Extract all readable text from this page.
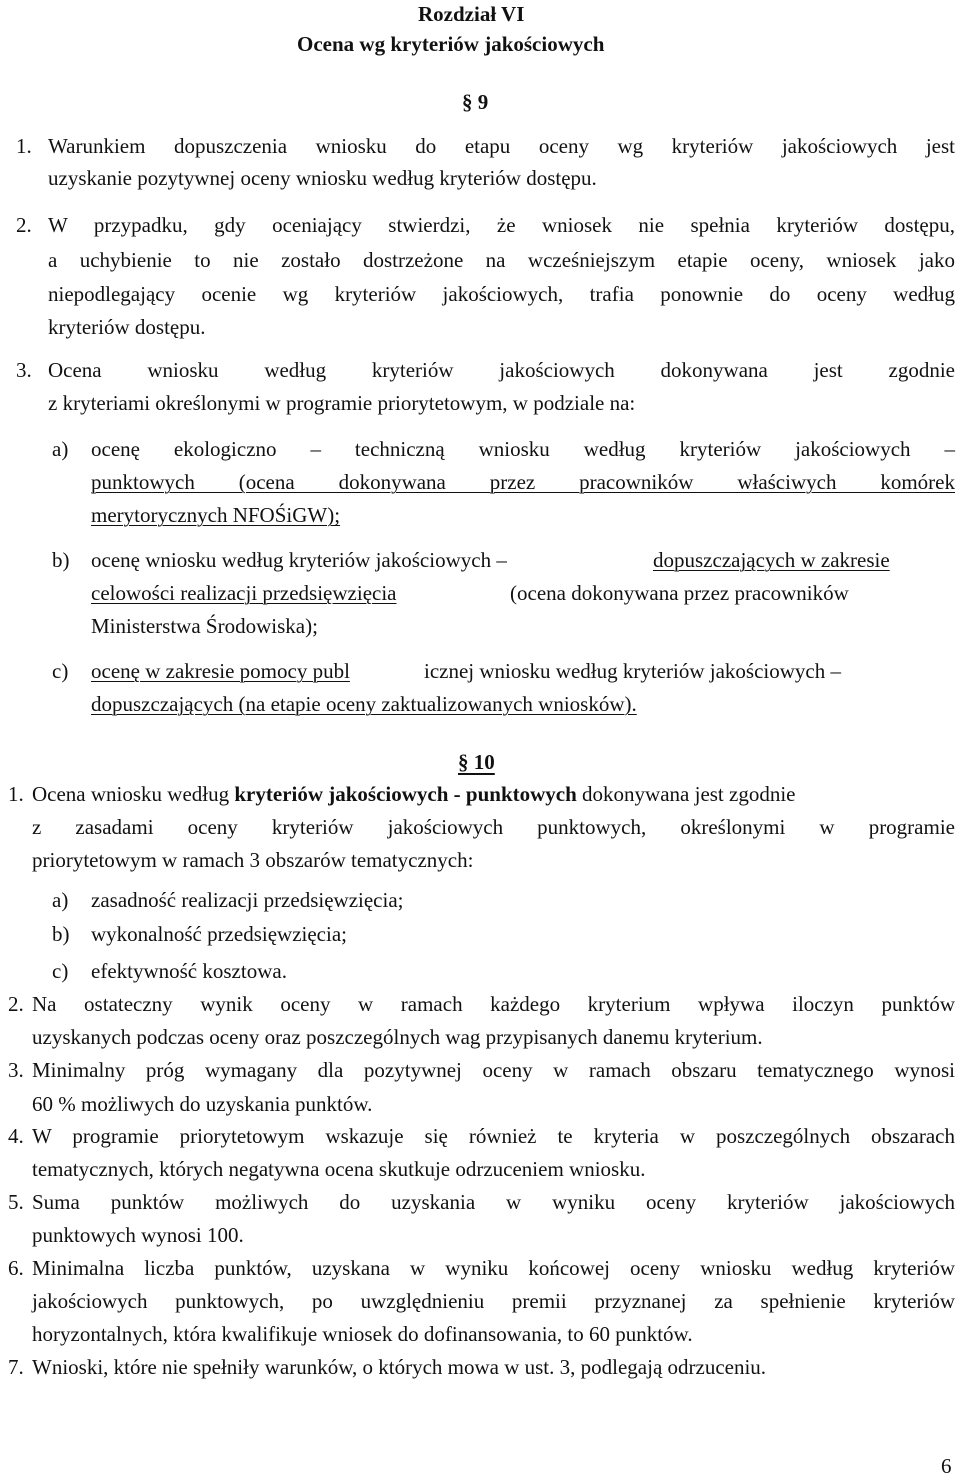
Rozdział VI
Ocena wg kryteriów jakościowych
§ 9
1. Warunkiem dopuszczenia wniosku do etapu oceny wg kryteriów jakościowych jest
uzyskanie pozytywnej oceny wniosku według kryteriów dostępu.
2. W przypadku, gdy oceniający stwierdzi, że wniosek nie spełnia kryteriów dostępu,
a uchybienie to nie zostało dostrzeżone na wcześniejszym etapie oceny, wniosek jako
niepodlegający ocenie wg kryteriów jakościowych, trafia ponownie do oceny według
kryteriów dostępu.
3. Ocena wniosku według kryteriów jakościowych dokonywana jest zgodnie
z kryteriami określonymi w programie priorytetowym, w podziale na:
a) ocenę ekologiczno – techniczną wniosku według kryteriów jakościowych –
punktowych (ocena dokonywana przez pracowników właściwych komórek
merytorycznych NFOŚiGW);
b) ocenę wniosku według kryteriów jakościowych –	dopuszczających w zakresie
celowości realizacji przedsięwzięcia	(ocena dokonywana przez pracowników
Ministerstwa Środowiska);
c) ocenę w zakresie pomocy publ	icznej wniosku według kryteriów jakościowych –
dopuszczających (na etapie oceny zaktualizowanych wniosków).
§ 10
1. Ocena wniosku według kryteriów jakościowych - punktowych dokonywana jest zgodnie
z zasadami oceny kryteriów jakościowych punktowych, określonymi w programie
priorytetowym w ramach 3 obszarów tematycznych:
a) zasadność realizacji przedsięwzięcia;
b) wykonalność przedsięwzięcia;
c) efektywność kosztowa.
2. Na ostateczny wynik oceny w ramach każdego kryterium wpływa iloczyn punktów
uzyskanych podczas oceny oraz poszczególnych wag przypisanych danemu kryterium.
3. Minimalny próg wymagany dla pozytywnej oceny w ramach obszaru tematycznego wynosi
60 % możliwych do uzyskania punktów.
4. W programie priorytetowym wskazuje się również te kryteria w poszczególnych obszarach
tematycznych, których negatywna ocena skutkuje odrzuceniem wniosku.
5. Suma punktów możliwych do uzyskania w wyniku oceny kryteriów jakościowych
punktowych wynosi 100.
6. Minimalna liczba punktów, uzyskana w wyniku końcowej oceny wniosku według kryteriów
jakościowych punktowych, po uwzględnieniu premii przyznanej za spełnienie kryteriów
horyzontalnych, która kwalifikuje wniosek do dofinansowania, to 60 punktów.
7. Wnioski, które nie spełniły warunków, o których mowa w ust. 3, podlegają odrzuceniu.
6
